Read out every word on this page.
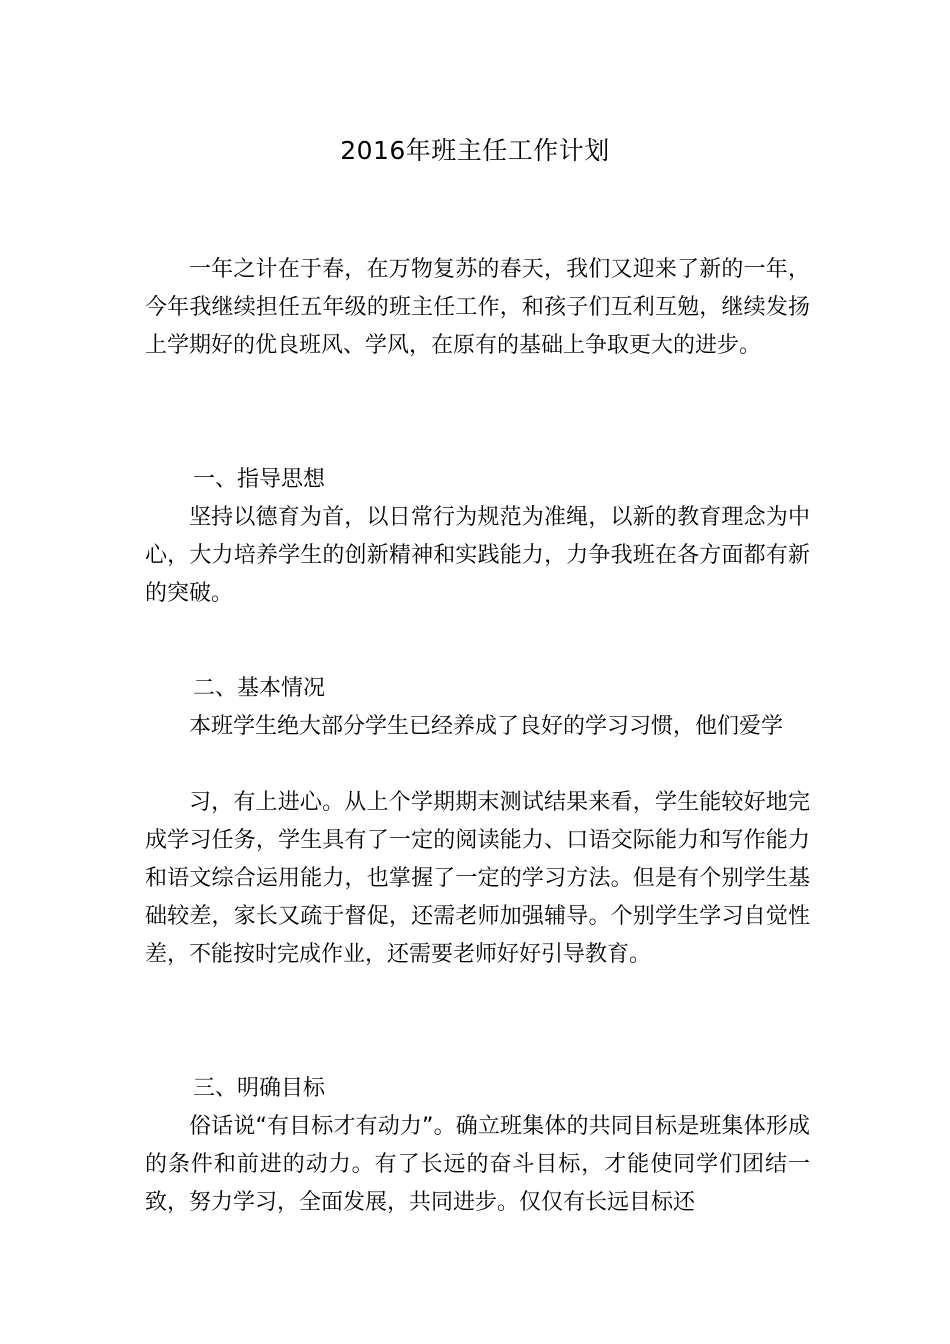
2016年班主任工作计划
一年之计在于春，在万物复苏的春天，我们又迎来了新的一年，今年我继续担任五年级的班主任工作，和孩子们互利互勉，继续发扬上学期好的优良班风、学风，在原有的基础上争取更大的进步。
一、指导思想
坚持以德育为首，以日常行为规范为准绳，以新的教育理念为中心，大力培养学生的创新精神和实践能力，力争我班在各方面都有新的突破。
二、基本情况
本班学生绝大部分学生已经养成了良好的学习习惯，他们爱学
习，有上进心。从上个学期期末测试结果来看，学生能较好地完成学习任务，学生具有了一定的阅读能力、口语交际能力和写作能力和语文综合运用能力，也掌握了一定的学习方法。但是有个别学生基础较差，家长又疏于督促，还需老师加强辅导。个别学生学习自觉性差，不能按时完成作业，还需要老师好好引导教育。
三、明确目标
俗话说“有目标才有动力”。确立班集体的共同目标是班集体形成的条件和前进的动力。有了长远的奋斗目标，才能使同学们团结一致，努力学习，全面发展，共同进步。仅仅有长远目标还
